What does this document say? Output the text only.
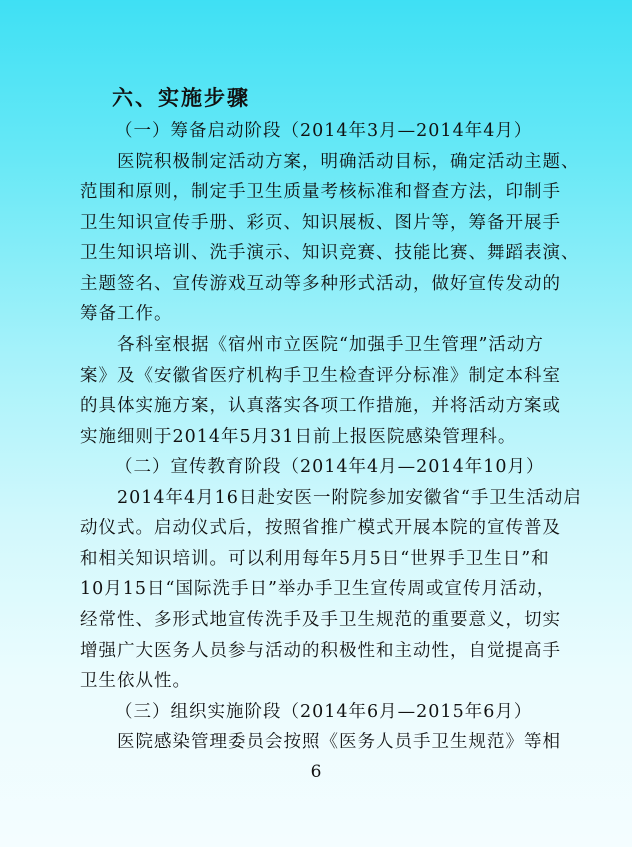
六、实施步骤
（一）筹备启动阶段（2014年3月—2014年4月）
医院积极制定活动方案，明确活动目标，确定活动主题、
范围和原则，制定手卫生质量考核标准和督查方法，印制手
卫生知识宣传手册、彩页、知识展板、图片等，筹备开展手
卫生知识培训、洗手演示、知识竞赛、技能比赛、舞蹈表演、
主题签名、宣传游戏互动等多种形式活动，做好宣传发动的
筹备工作。
各科室根据《宿州市立医院“加强手卫生管理”活动方
案》及《安徽省医疗机构手卫生检查评分标准》制定本科室
的具体实施方案，认真落实各项工作措施，并将活动方案或
实施细则于2014年5月31日前上报医院感染管理科。
（二）宣传教育阶段（2014年4月—2014年10月）
2014年4月16日赴安医一附院参加安徽省“手卫生活动启
动仪式。启动仪式后，按照省推广模式开展本院的宣传普及
和相关知识培训。可以利用每年5月5日“世界手卫生日”和
10月15日“国际洗手日”举办手卫生宣传周或宣传月活动，
经常性、多形式地宣传洗手及手卫生规范的重要意义，切实
增强广大医务人员参与活动的积极性和主动性，自觉提高手
卫生依从性。
（三）组织实施阶段（2014年6月—2015年6月）
医院感染管理委员会按照《医务人员手卫生规范》等相
6
